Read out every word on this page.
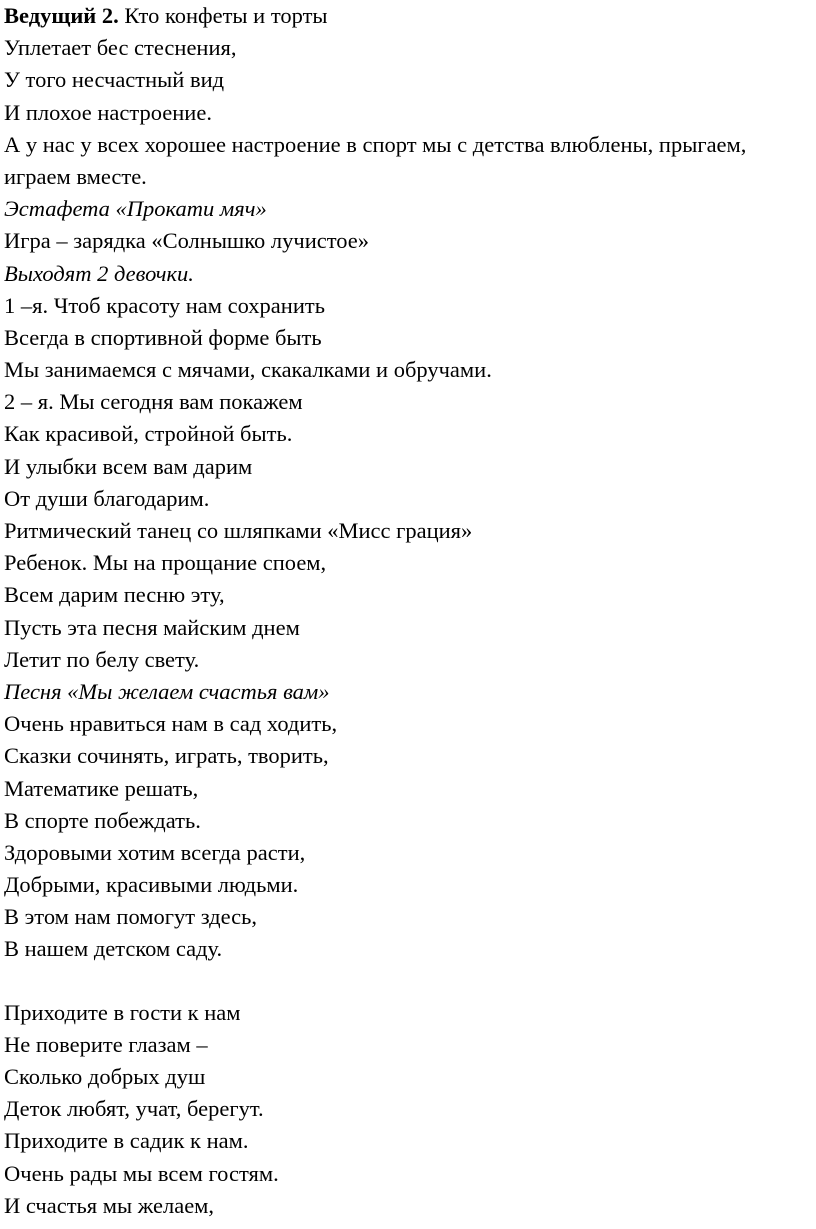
Ведущий 2. Кто конфеты и торты
Уплетает бес стеснения,
У того несчастный вид
И плохое настроение.
А у нас у всех хорошее настроение в спорт мы с детства влюблены, прыгаем,
играем вместе.
Эстафета «Прокати мяч»
Игра – зарядка «Солнышко лучистое»
Выходят 2 девочки.
1 –я. Чтоб красоту нам сохранить
Всегда в спортивной форме быть
Мы занимаемся с мячами, скакалками и обручами.
2 – я. Мы сегодня вам покажем
Как красивой, стройной быть.
И улыбки всем вам дарим
От души благодарим.
Ритмический танец со шляпками «Мисс грация»
Ребенок. Мы на прощание споем,
Всем дарим песню эту,
Пусть эта песня майским днем
Летит по белу свету.
Песня «Мы желаем счастья вам»
Очень нравиться нам в сад ходить,
Сказки сочинять, играть, творить,
Математике решать,
В спорте побеждать.
Здоровыми хотим всегда расти,
Добрыми, красивыми людьми.
В этом нам помогут здесь,
В нашем детском саду.
Приходите в гости к нам
Не поверите глазам –
Сколько добрых душ
Деток любят, учат, берегут.
Приходите в садик к нам.
Очень рады мы всем гостям.
И счастья мы желаем,
